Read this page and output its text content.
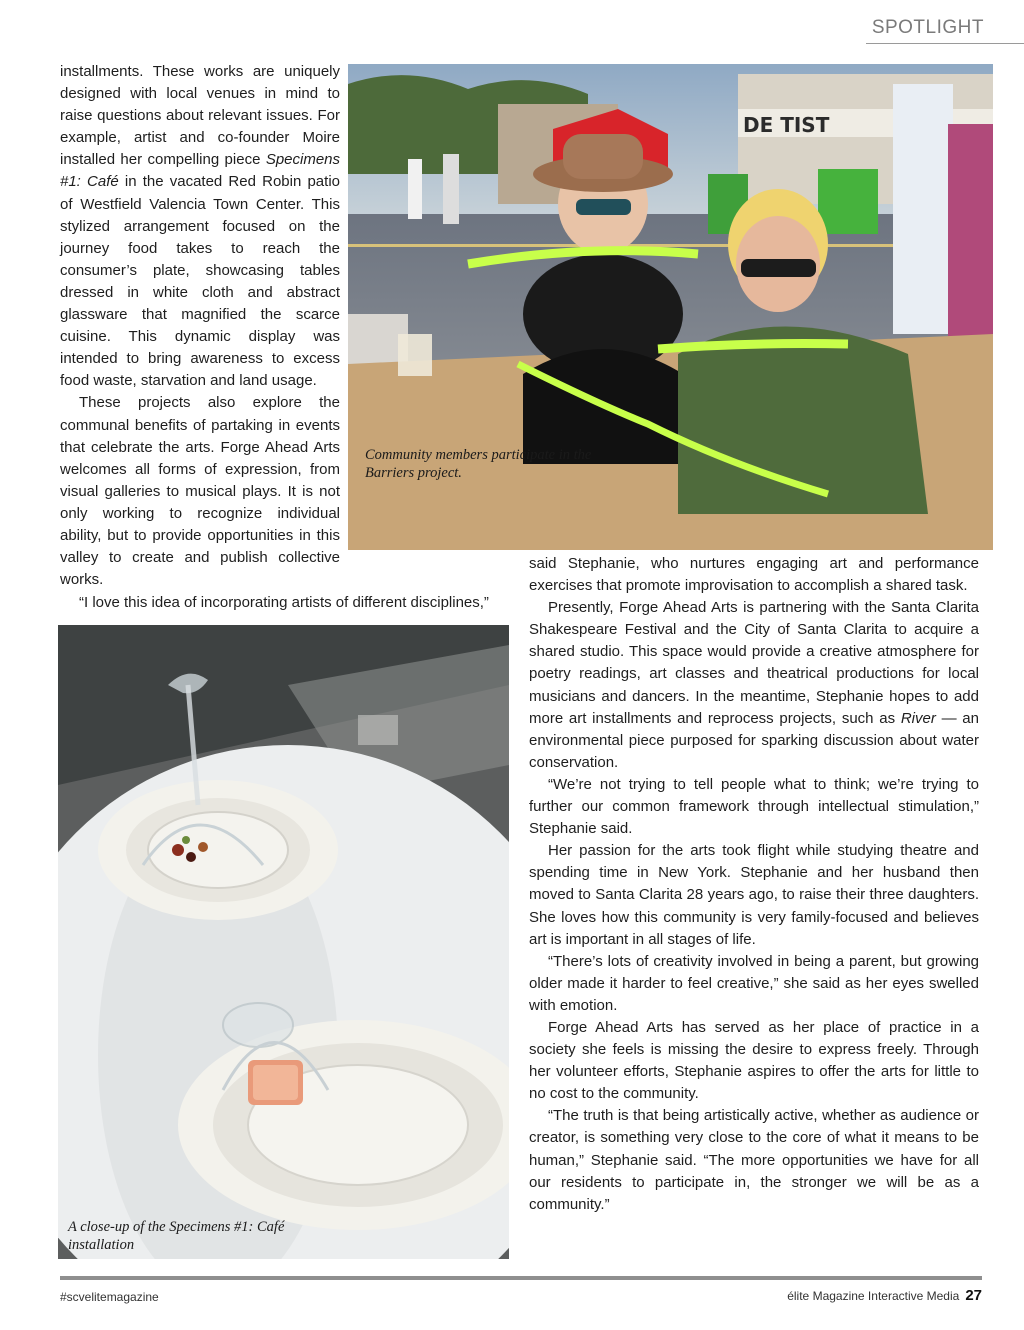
SPOTLIGHT

installments. These works are uniquely designed with local venues in mind to raise questions about relevant issues. For example, artist and co-founder Moire installed her compelling piece Specimens #1: Café in the vacated Red Robin patio of Westfield Valencia Town Center. This stylized arrangement focused on the journey food takes to reach the consumer’s plate, showcasing tables dressed in white cloth and abstract glassware that magnified the scarce cuisine. This dynamic display was intended to bring awareness to excess food waste, starvation and land usage.

These projects also explore the communal benefits of partaking in events that celebrate the arts. Forge Ahead Arts welcomes all forms of expression, from visual galleries to musical plays. It is not only working to recognize individual ability, but to provide opportunities in this valley to create and publish collective works.

“I love this idea of incorporating artists of different disciplines,”
DE TIST
Community members participate in the Barriers project.

said Stephanie, who nurtures engaging art and performance exercises that promote improvisation to accomplish a shared task.

Presently, Forge Ahead Arts is partnering with the Santa Clarita Shakespeare Festival and the City of Santa Clarita to acquire a shared studio. This space would provide a creative atmosphere for poetry readings, art classes and theatrical productions for local musicians and dancers. In the meantime, Stephanie hopes to add more art installments and reprocess projects, such as River — an environmental piece purposed for sparking discussion about water conservation.

“We’re not trying to tell people what to think; we’re trying to further our common framework through intellectual stimulation,” Stephanie said.

Her passion for the arts took flight while studying theatre and spending time in New York. Stephanie and her husband then moved to Santa Clarita 28 years ago, to raise their three daughters. She loves how this community is very family-focused and believes art is important in all stages of life.

“There’s lots of creativity involved in being a parent, but growing older made it harder to feel creative,” she said as her eyes swelled with emotion.

Forge Ahead Arts has served as her place of practice in a society she feels is missing the desire to express freely. Through her volunteer efforts, Stephanie aspires to offer the arts for little to no cost to the community.

“The truth is that being artistically active, whether as audience or creator, is something very close to the core of what it means to be human,” Stephanie said. “The more opportunities we have for all our residents to participate in, the stronger we will be as a community.”

A close-up of the Specimens #1: Café installation
#scvelitemagazine	élite Magazine Interactive Media 27
